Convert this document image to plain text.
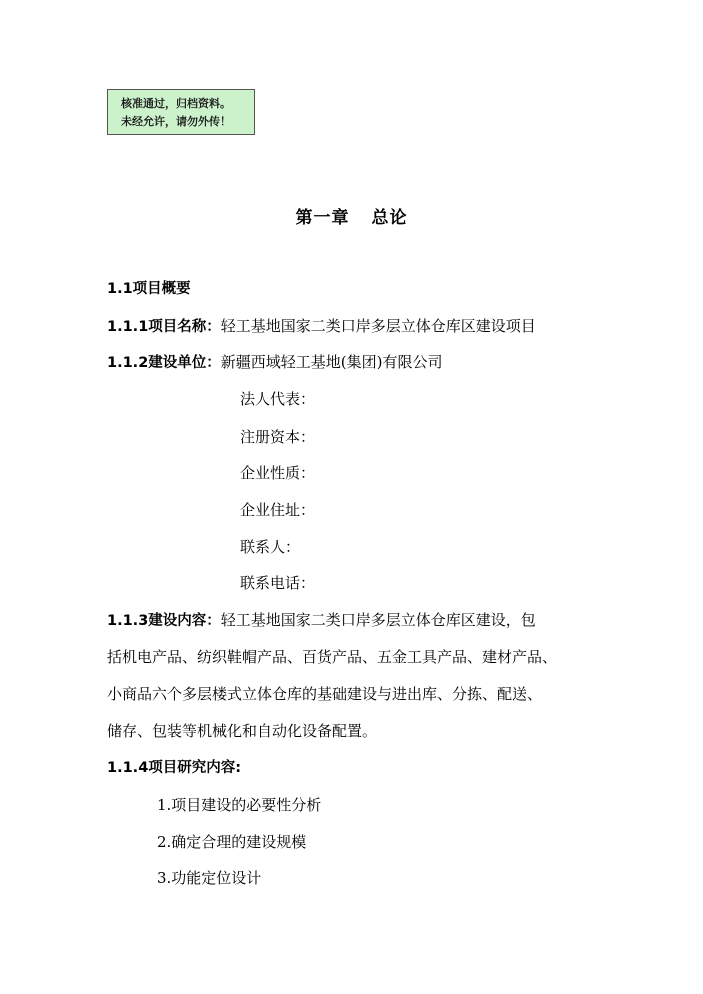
核准通过，归档资料。
未经允许，请勿外传！
第一章 总论
1.1项目概要
1.1.1项目名称：轻工基地国家二类口岸多层立体仓库区建设项目
1.1.2建设单位：新疆西域轻工基地(集团)有限公司
法人代表：
注册资本：
企业性质：
企业住址：
联系人：
联系电话：
1.1.3建设内容：轻工基地国家二类口岸多层立体仓库区建设，包
括机电产品、纺织鞋帽产品、百货产品、五金工具产品、建材产品、
小商品六个多层楼式立体仓库的基础建设与进出库、分拣、配送、
储存、包装等机械化和自动化设备配置。
1.1.4项目研究内容:
1.项目建设的必要性分析
2.确定合理的建设规模
3.功能定位设计
